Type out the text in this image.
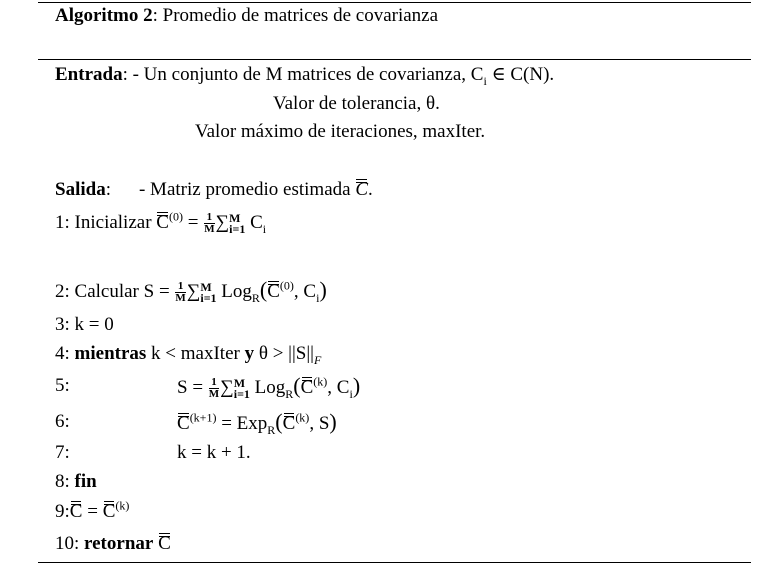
Algoritmo 2: Promedio de matrices de covarianza
Entrada: - Un conjunto de M matrices de covarianza, $C_i$ ∈ C(N).
Valor de tolerancia, θ.
Valor máximo de iteraciones, maxIter.
Salida: - Matriz promedio estimada C.
1: Inicializar $C^{(0)} = \frac{1}{M}$ ∑ M
i=1 $C_i$
2: Calcular $S = \frac{1}{M}$ ∑ M
i=1 $Log_R(C^{(0)}$, $C_i$)
3: k = 0
4: mientras k < maxIter y $\theta > ||S||_F$
5:	$S = \frac{1}{M}$ ∑ M
i=1 $Log_R(C^{(k)}$, $C_i$)
6:	$C^{(k+1)} = Exp_R(C^{(k)}$, S)
7:	k = k + 1.
8: fin
9:C = $C^{(k)}$
10: retornar C
